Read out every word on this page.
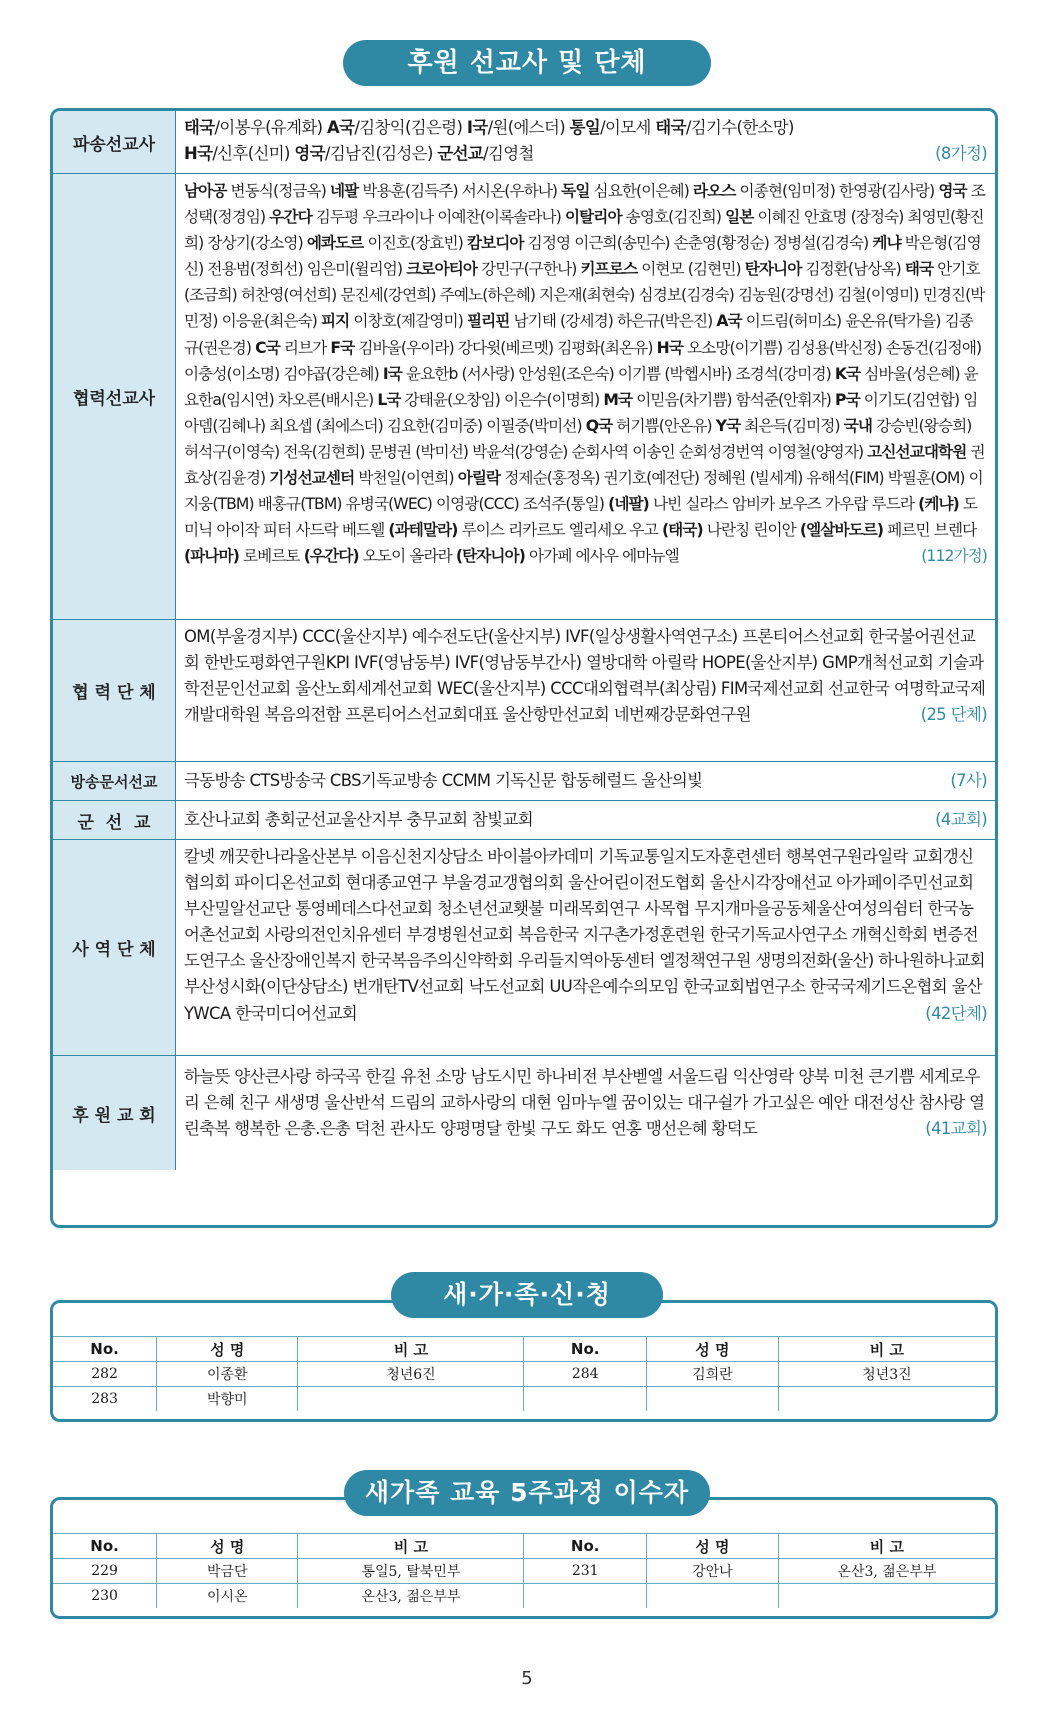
후원 선교사 및 단체
파송선교사
태국/이봉우(유계화) A국/김창익(김은령) I국/원(에스더) 통일/이모세 태국/김기수(한소망)
H국/신후(신미) 영국/김남진(김성은) 군선교/김영철	(8가정)
협력선교사
남아공 변동식(정금옥) 네팔 박용훈(김득주) 서시온(우하나) 독일 심요한(이은혜) 라오스 이종현(임미정) 한영광(김사랑) 영국 조성택(정경임) 우간다 김두평 우크라이나 이예찬(이록솔라나) 이탈리아 송영호(김진희) 일본 이혜진 안효명 (장정숙) 최영민(황진희) 장상기(강소영) 에콰도르 이진호(장효빈) 캄보디아 김정영 이근희(송민수) 손춘영(황정순) 정병설(김경숙) 케냐 박은형(김영신) 전용범(정희선) 임은미(윌리엄) 크로아티아 강민구(구한나) 키프로스 이현모 (김현민) 탄자니아 김정환(남상옥) 태국 안기호(조금희) 허찬영(여선희) 문진세(강연희) 주예노(하은혜) 지은재(최현숙) 심경보(김경숙) 김농원(강명선) 김철(이영미) 민경진(박민정) 이응윤(최은숙) 피지 이창호(제갈영미) 필리핀 남기태 (강세경) 하은규(박은진) A국 이드림(허미소) 윤온유(탁가을) 김종규(권은경) C국 리브가 F국 김바울(우이라) 강다윗(베르멧) 김평화(최온유) H국 오소망(이기쁨) 김성용(박신정) 손동건(김정애) 이충성(이소명) 김야곱(강은혜) I국 윤요한b (서사랑) 안성원(조은숙) 이기쁨 (박헵시바) 조경석(강미경) K국 심바울(성은혜) 윤요한a(임시연) 차오른(배시은) L국 강태윤(오창임) 이은수(이명희) M국 이믿음(차기쁨) 함석준(안휘자) P국 이기도(김연합) 임아뎀(김혜나) 최요셉 (최에스더) 김요한(김미중) 이필중(박미선) Q국 허기쁨(안온유) Y국 최은득(김미정) 국내 강승빈(왕승희) 허석구(이영숙) 전욱(김현희) 문병권 (박미선) 박윤석(강영순) 순회사역 이송인 순회성경번역 이영철(양영자) 고신선교대학원 권효상(김윤경) 기성선교센터 박천일(이연희) 아릴락 정제순(홍정옥) 권기호(예전단) 정혜원 (빌세계) 유해석(FIM) 박필훈(OM) 이지웅(TBM) 배홍규(TBM) 유병국(WEC) 이영광(CCC) 조석주(통일) (네팔) 나빈 실라스 암비카 보우즈 가우랍 루드라 (케냐) 도미닉 아이작 피터 사드락 베드웰 (과테말라) 루이스 리카르도 엘리세오 우고 (태국) 나란칭 린이안 (엘살바도르) 페르민 브렌다 (파나마) 로베르토 (우간다) 오도이 올라라 (탄자니아) 아가페 에사우 에마뉴엘	(112가정)
협 력 단 체
OM(부울경지부) CCC(울산지부) 예수전도단(울산지부) IVF(일상생활사역연구소) 프론티어스선교회 한국불어권선교회 한반도평화연구원KPI IVF(영남동부) IVF(영남동부간사) 열방대학 아릴락 HOPE(울산지부) GMP개척선교회 기술과학전문인선교회 울산노회세계선교회 WEC(울산지부) CCC대외협력부(최상림) FIM국제선교회 선교한국 여명학교국제개발대학원 복음의전함 프론티어스선교회대표 울산항만선교회 네번째강문화연구원	(25 단체)
방송문서선교	극동방송 CTS방송국 CBS기독교방송 CCMM 기독신문 합동헤럴드 울산의빛	(7사)
군  선  교	호산나교회 총회군선교울산지부 충무교회 참빛교회	(4교회)
사 역 단 체
칼넷 깨끗한나라울산본부 이음신천지상담소 바이블아카데미 기독교통일지도자훈련센터 행복연구원라일락 교회갱신협의회 파이디온선교회 현대종교연구 부울경교갱협의회 울산어린이전도협회 울산시각장애선교 아가페이주민선교회 부산밀알선교단 통영베데스다선교회 청소년선교횃불 미래목회연구 사목협 무지개마을공동체울산여성의쉼터 한국농어촌선교회 사랑의전인치유센터 부경병원선교회 복음한국 지구촌가정훈련원 한국기독교사연구소 개혁신학회 변증전도연구소 울산장애인복지 한국복음주의신약학회 우리들지역아동센터 엘정책연구원 생명의전화(울산) 하나원하나교회 부산성시화(이단상담소) 번개탄TV선교회 낙도선교회 UU작은예수의모임 한국교회법연구소 한국국제기드온협회 울산YWCA 한국미디어선교회	(42단체)
후 원 교 회
하늘뜻 양산큰사랑 하국곡 한길 유천 소망 남도시민 하나비전 부산벧엘 서울드림 익산영락 양북 미천 큰기쁨 세계로우리 은혜 친구 새생명 울산반석 드림의 교하사랑의 대현 임마누엘 꿈이있는 대구쉴가 가고싶은 예안 대전성산 참사랑 열린축복 행복한 은총.은총 덕천 관사도 양평명달 한빛 구도 화도 연홍 맹선은혜 황덕도	(41교회)
No.	성 명	비 고	No.	성 명	비 고
282	이종환	청년6진	284	김희란	청년3진
283	박향미				
새·가·족·신·청
No.	성 명	비 고	No.	성 명	비 고
229	박금단	통일5, 탈북민부	231	강안나	온산3, 젊은부부
230	이시온	온산3, 젊은부부			
새가족 교육 5주과정 이수자
5
